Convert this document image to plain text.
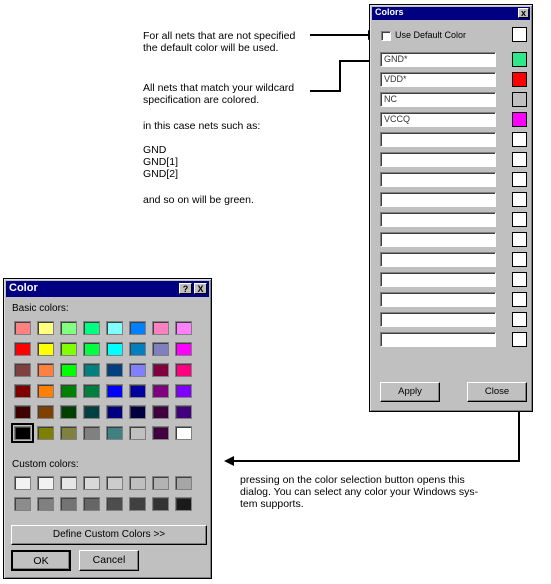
For all nets that are not specified
the default color will be used.
All nets that match your wildcard
specification are colored.
in this case nets such as:
GND
GND[1]
GND[2]
and so on will be green.
pressing on the color selection button opens this
dialog. You can select any color your Windows sys-
tem supports.
Colors	x
Use Default Color
GND*
VDD*
NC
VCCQ
Apply	Close
Color	?	X
Basic colors:
Custom colors:
Define Custom Colors >>
OK	Cancel
